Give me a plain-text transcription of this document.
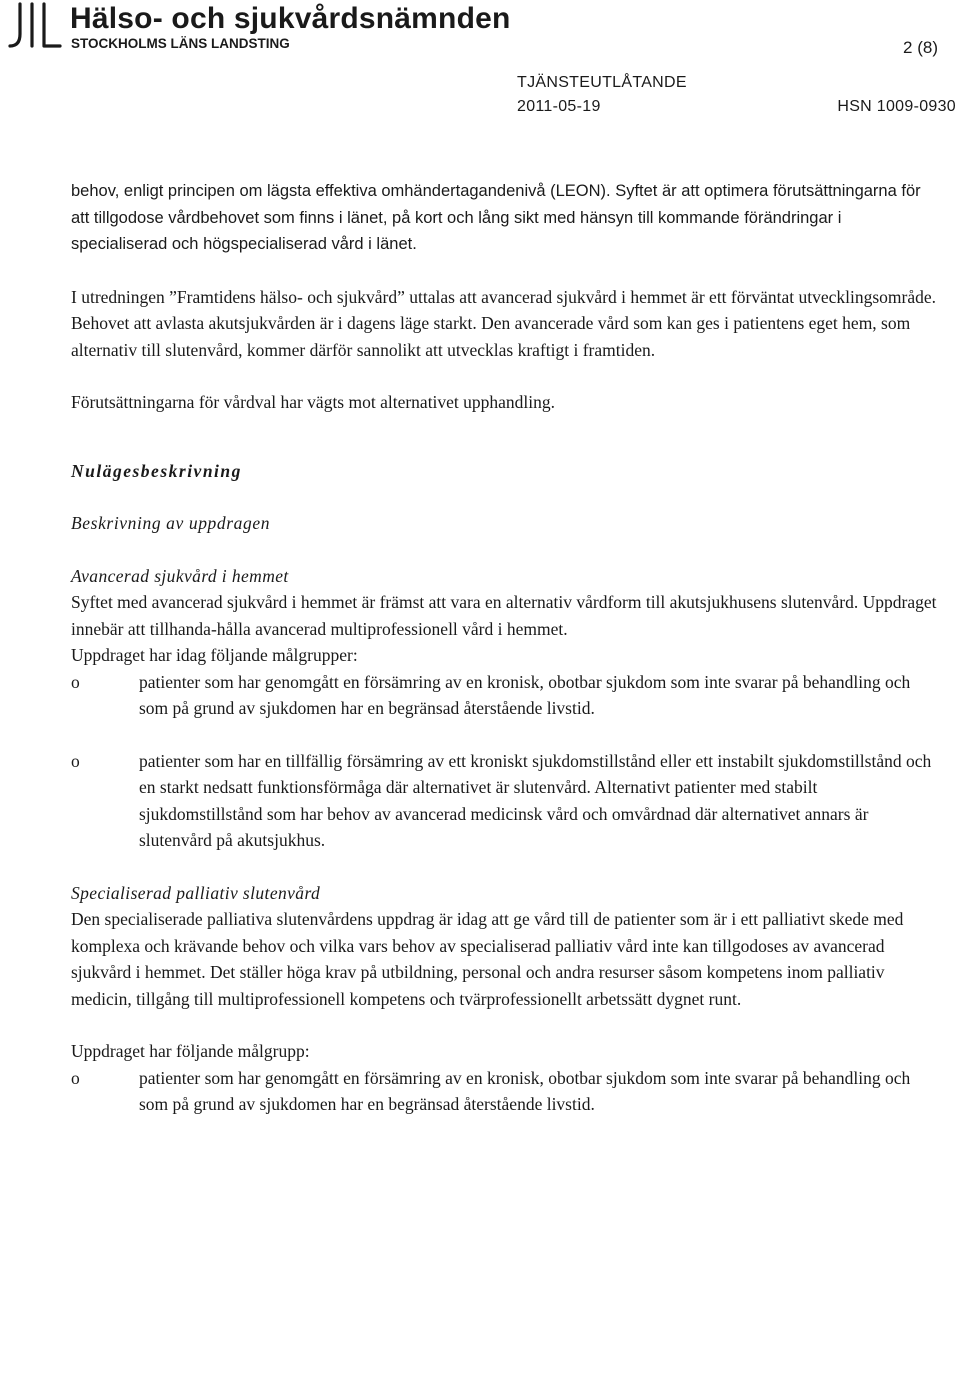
Hälso- och sjukvårdsnämnden
STOCKHOLMS LÄNS LANDSTING	2 (8)
TJÄNSTEUTLÅTANDE
2011-05-19	HSN 1009-0930

behov, enligt principen om lägsta effektiva omhändertagandenivå (LEON). Syftet är att optimera förutsättningarna för att tillgodose vårdbehovet som finns i länet, på kort och lång sikt med hänsyn till kommande förändringar i specialiserad och högspecialiserad vård i länet.

I utredningen ”Framtidens hälso- och sjukvård” uttalas att avancerad sjukvård i hemmet är ett förväntat utvecklingsområde. Behovet att avlasta akutsjukvården är i dagens läge starkt. Den avancerade vård som kan ges i patientens eget hem, som alternativ till slutenvård, kommer därför sannolikt att utvecklas kraftigt i framtiden.

Förutsättningarna för vårdval har vägts mot alternativet upphandling.

Nulägesbeskrivning

Beskrivning av uppdragen

Avancerad sjukvård i hemmet

Syftet med avancerad sjukvård i hemmet är främst att vara en alternativ vårdform till akutsjukhusens slutenvård. Uppdraget innebär att tillhanda-hålla avancerad multiprofessionell vård i hemmet.

Uppdraget har idag följande målgrupper:

o	patienter som har genomgått en försämring av en kronisk, obotbar sjukdom som inte svarar på behandling och som på grund av sjukdomen har en begränsad återstående livstid.
o	patienter som har en tillfällig försämring av ett kroniskt sjukdomstillstånd eller ett instabilt sjukdomstillstånd och en starkt nedsatt funktionsförmåga där alternativet är slutenvård. Alternativt patienter med stabilt sjukdomstillstånd som har behov av avancerad medicinsk vård och omvårdnad där alternativet annars är slutenvård på akutsjukhus.

Specialiserad palliativ slutenvård

Den specialiserade palliativa slutenvårdens uppdrag är idag att ge vård till de patienter som är i ett palliativt skede med komplexa och krävande behov och vilka vars behov av specialiserad palliativ vård inte kan tillgodoses av avancerad sjukvård i hemmet. Det ställer höga krav på utbildning, personal och andra resurser såsom kompetens inom palliativ medicin, tillgång till multiprofessionell kompetens och tvärprofessionellt arbetssätt dygnet runt.

Uppdraget har följande målgrupp:

o	patienter som har genomgått en försämring av en kronisk, obotbar sjukdom som inte svarar på behandling och som på grund av sjukdomen har en begränsad återstående livstid.
